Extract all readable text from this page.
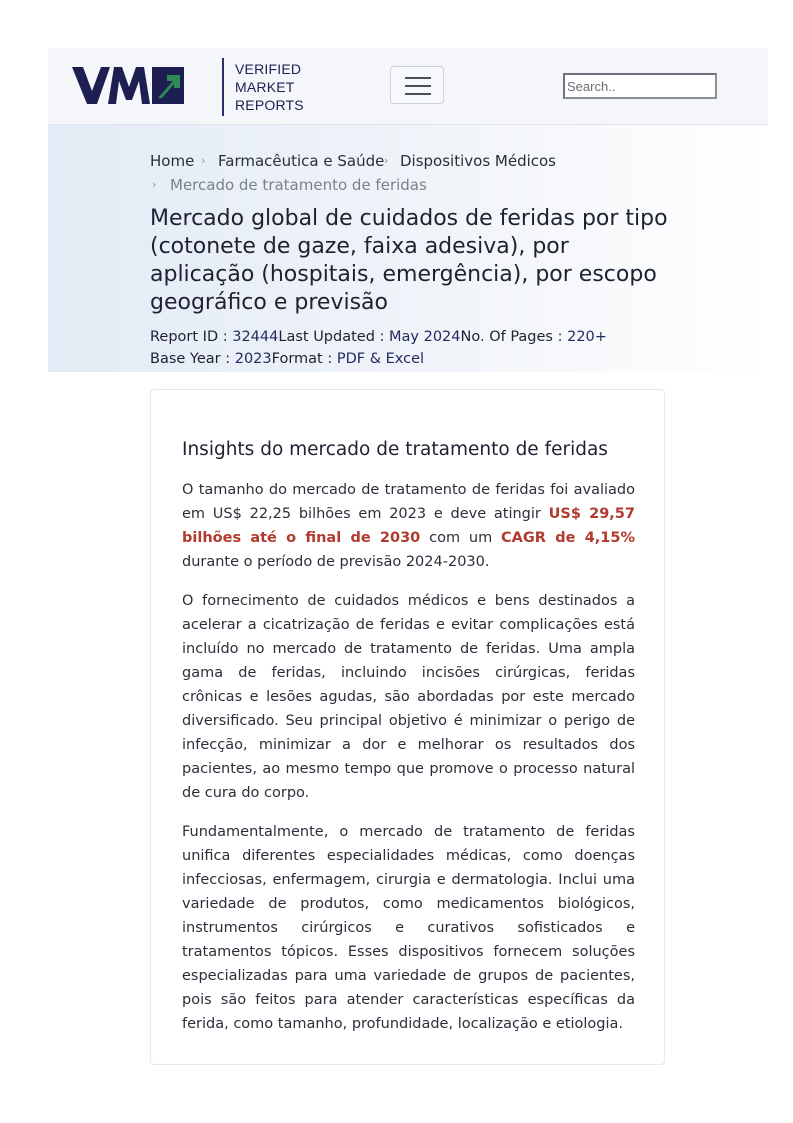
VERIFIED
MARKET
REPORTS
Search..
Home › Farmacêutica e Saúde › Dispositivos Médicos
› Mercado de tratamento de feridas
Mercado global de cuidados de feridas por tipo (cotonete de gaze, faixa adesiva), por aplicação (hospitais, emergência), por escopo geográfico e previsão
Report ID : 32444Last Updated : May 2024No. Of Pages : 220+
Base Year : 2023Format : PDF & Excel
Insights do mercado de tratamento de feridas

O tamanho do mercado de tratamento de feridas foi avaliado em US$ 22,25 bilhões em 2023 e deve atingir US$ 29,57 bilhões até o final de 2030 com um CAGR de 4,15% durante o período de previsão 2024-2030.

O fornecimento de cuidados médicos e bens destinados a acelerar a cicatrização de feridas e evitar complicações está incluído no mercado de tratamento de feridas. Uma ampla gama de feridas, incluindo incisões cirúrgicas, feridas crônicas e lesões agudas, são abordadas por este mercado diversificado. Seu principal objetivo é minimizar o perigo de infecção, minimizar a dor e melhorar os resultados dos pacientes, ao mesmo tempo que promove o processo natural de cura do corpo.

Fundamentalmente, o mercado de tratamento de feridas unifica diferentes especialidades médicas, como doenças infecciosas, enfermagem, cirurgia e dermatologia. Inclui uma variedade de produtos, como medicamentos biológicos, instrumentos cirúrgicos e curativos sofisticados e tratamentos tópicos. Esses dispositivos fornecem soluções especializadas para uma variedade de grupos de pacientes, pois são feitos para atender características específicas da ferida, como tamanho, profundidade, localização e etiologia.
